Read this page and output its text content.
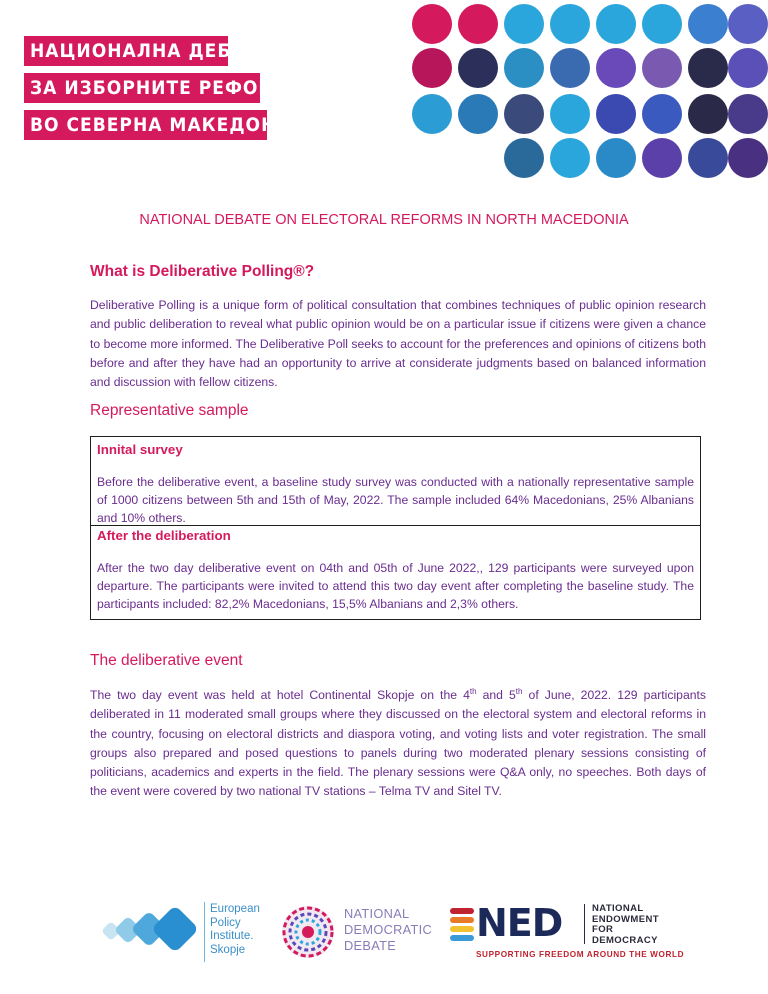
НАЦИОНАЛНА ДЕБАТА
ЗА ИЗБОРНИТЕ РЕФОРМИ
ВО СЕВЕРНА МАКЕДОНИЈА
NATIONAL DEBATE ON ELECTORAL REFORMS IN NORTH MACEDONIA
What is Deliberative Polling®?

Deliberative Polling is a unique form of political consultation that combines techniques of public opinion research and public deliberation to reveal what public opinion would be on a particular issue if citizens were given a chance to become more informed. The Deliberative Poll seeks to account for the preferences and opinions of citizens both before and after they have had an opportunity to arrive at considerate judgments based on balanced information and discussion with fellow citizens.

Representative sample
Innital survey

Before the deliberative event, a baseline study survey was conducted with a nationally representative sample of 1000 citizens between 5th and 15th of May, 2022. The sample included 64% Macedonians, 25% Albanians and 10% others.

After the deliberation

After the two day deliberative event on 04th and 05th of June 2022,, 129 participants were surveyed upon departure. The participants were invited to attend this two day event after completing the baseline study. The participants included: 82,2% Macedonians, 15,5% Albanians and 2,3% others.

The deliberative event

The two day event was held at hotel Continental Skopje on the 4th and 5th of June, 2022. 129 participants deliberated in 11 moderated small groups where they discussed on the electoral system and electoral reforms in the country, focusing on electoral districts and diaspora voting, and voting lists and voter registration. The small groups also prepared and posed questions to panels during two moderated plenary sessions consisting of politicians, academics and experts in the field. The plenary sessions were Q&A only, no speeches. Both days of the event were covered by two national TV stations – Telma TV and Sitel TV.

European
Policy
Institute.
Skopje
NATIONAL
DEMOCRATIC
DEBATE
NED	NATIONAL
ENDOWMENT
FOR
DEMOCRACY
SUPPORTING FREEDOM AROUND THE WORLD
